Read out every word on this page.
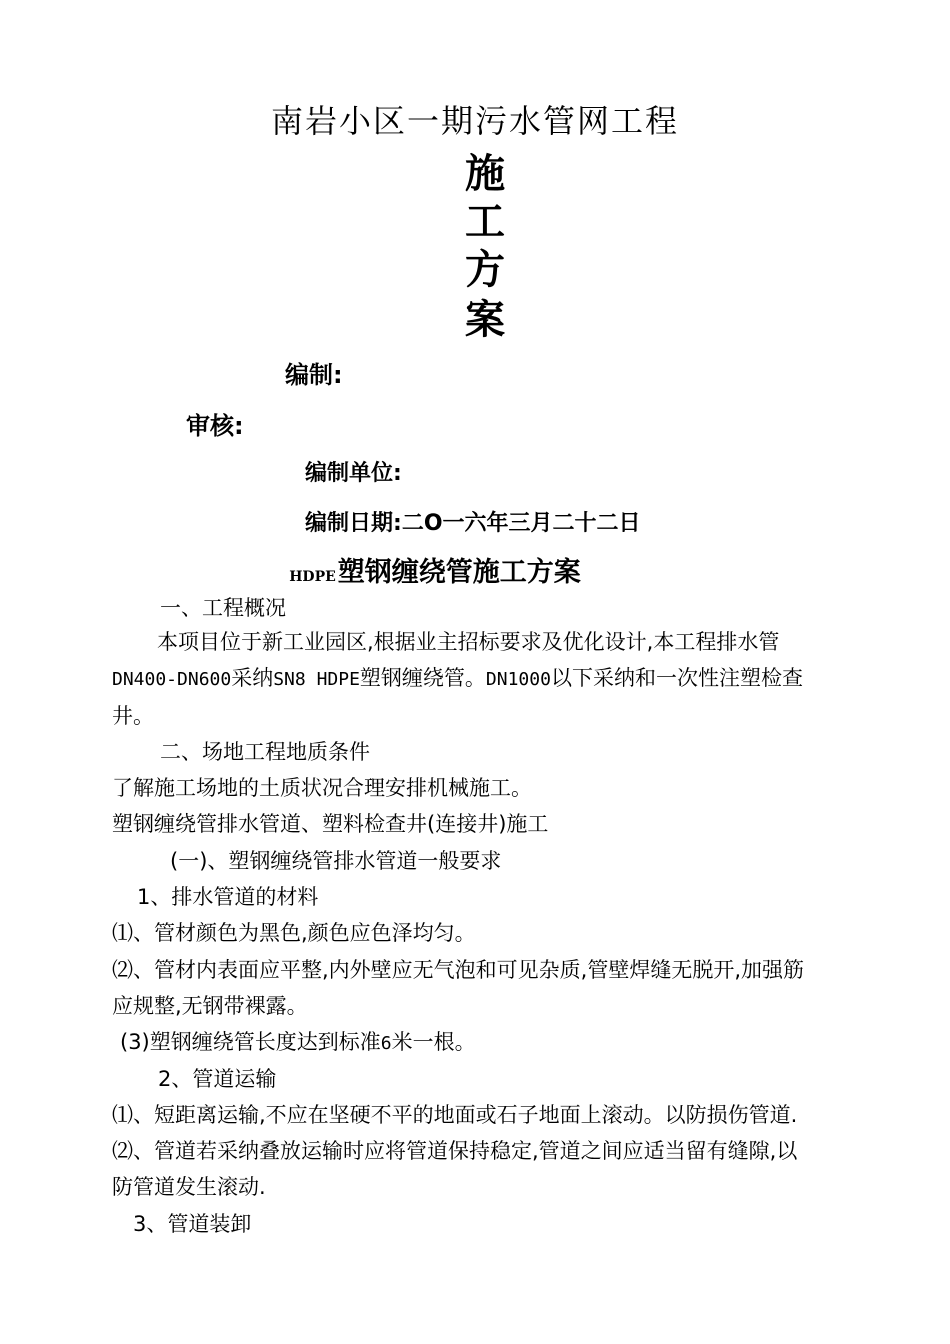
南岩小区一期污水管网工程
施
工
方
案
编制:
审核:
编制单位:
编制日期:二O一六年三月二十二日
HDPE塑钢缠绕管施工方案
一、工程概况
本项目位于新工业园区,根据业主招标要求及优化设计,本工程排水管
DN400-DN600采纳SN8 HDPE塑钢缠绕管。DN1000以下采纳和一次性注塑检查
井。
二、场地工程地质条件
了解施工场地的土质状况合理安排机械施工。
塑钢缠绕管排水管道、塑料检查井(连接井)施工
(一)、塑钢缠绕管排水管道一般要求
1、排水管道的材料
⑴、管材颜色为黑色,颜色应色泽均匀。
⑵、管材内表面应平整,内外壁应无气泡和可见杂质,管壁焊缝无脱开,加强筋
应规整,无钢带裸露。
(3)塑钢缠绕管长度达到标准6米一根。
2、管道运输
⑴、短距离运输,不应在坚硬不平的地面或石子地面上滚动。以防损伤管道.
⑵、管道若采纳叠放运输时应将管道保持稳定,管道之间应适当留有缝隙,以
防管道发生滚动.
3、管道装卸
